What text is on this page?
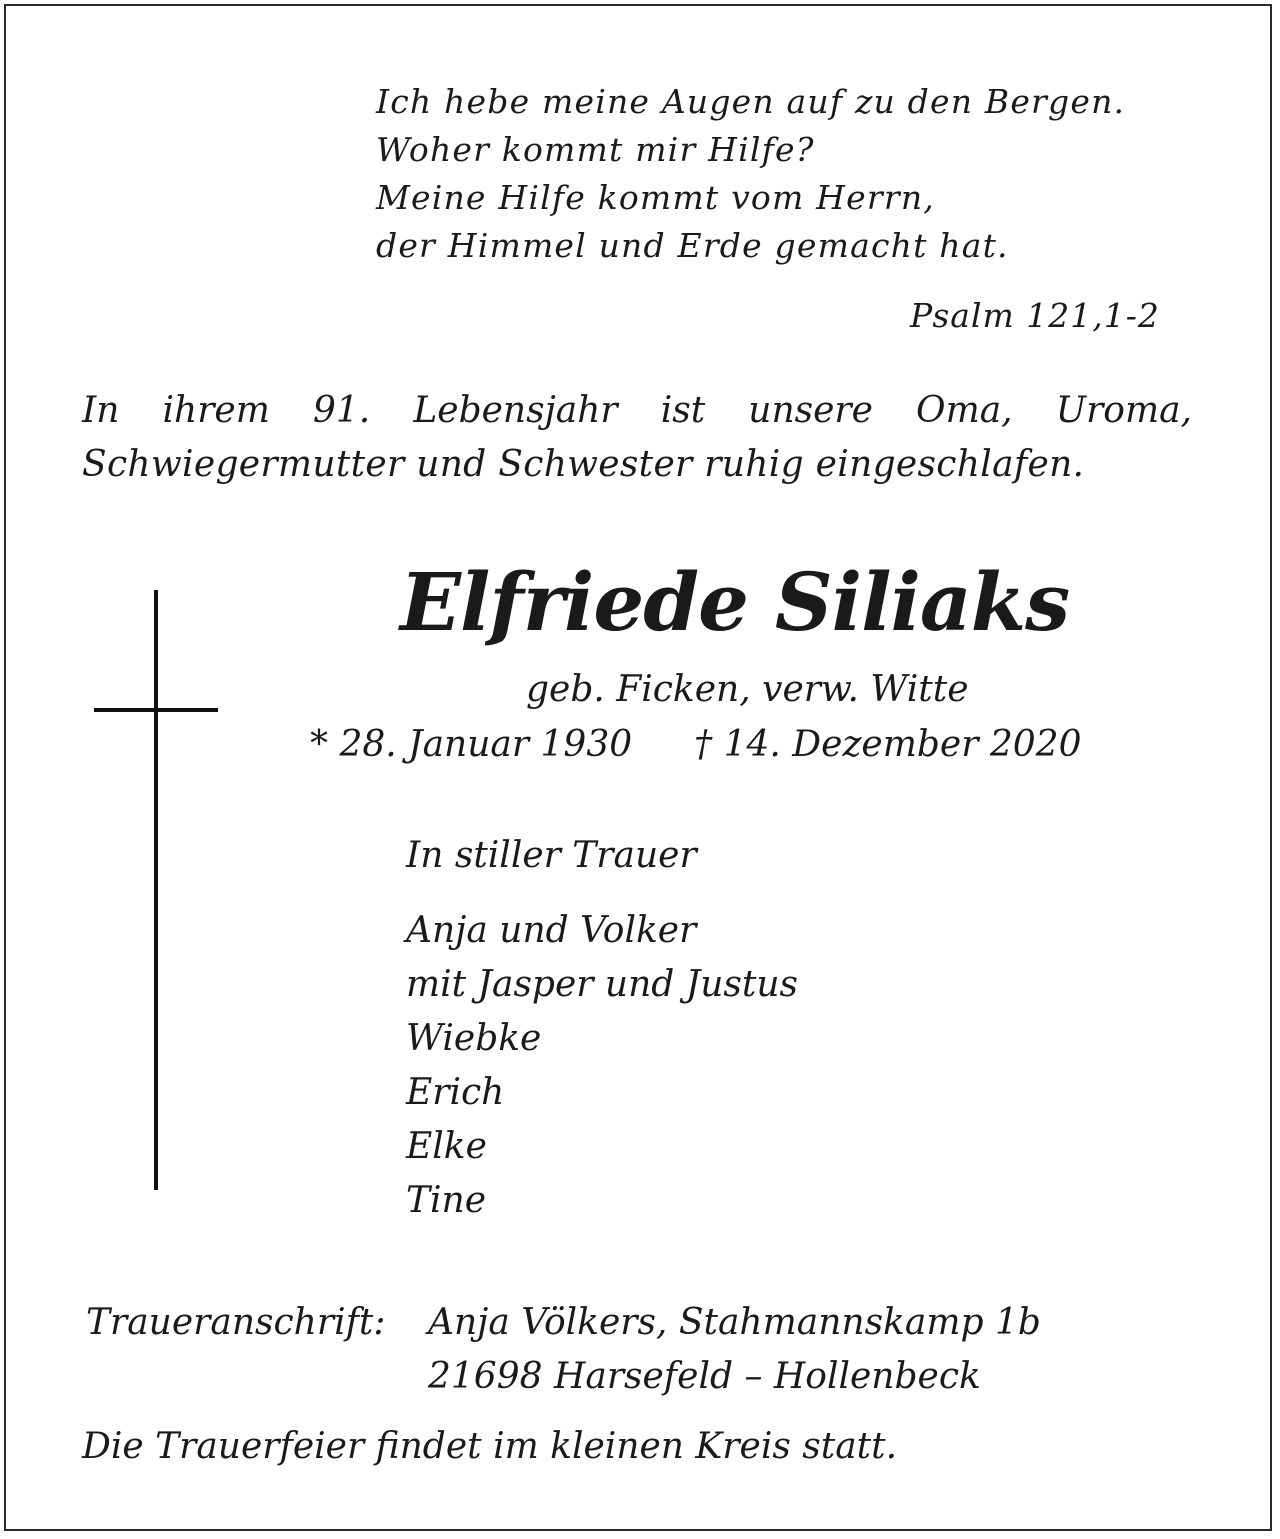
Ich hebe meine Augen auf zu den Bergen.
Woher kommt mir Hilfe?
Meine Hilfe kommt vom Herrn,
der Himmel und Erde gemacht hat.
Psalm 121,1-2
In ihrem 91. Lebensjahr ist unsere Oma, Uroma,
Schwiegermutter und Schwester ruhig eingeschlafen.
Elfriede Siliaks
geb. Ficken, verw. Witte
* 28. Januar 1930 † 14. Dezember 2020
In stiller Trauer
Anja und Volker
mit Jasper und Justus
Wiebke
Erich
Elke
Tine
Traueranschrift: Anja Völkers, Stahmannskamp 1b
21698 Harsefeld – Hollenbeck
Die Trauerfeier findet im kleinen Kreis statt.
